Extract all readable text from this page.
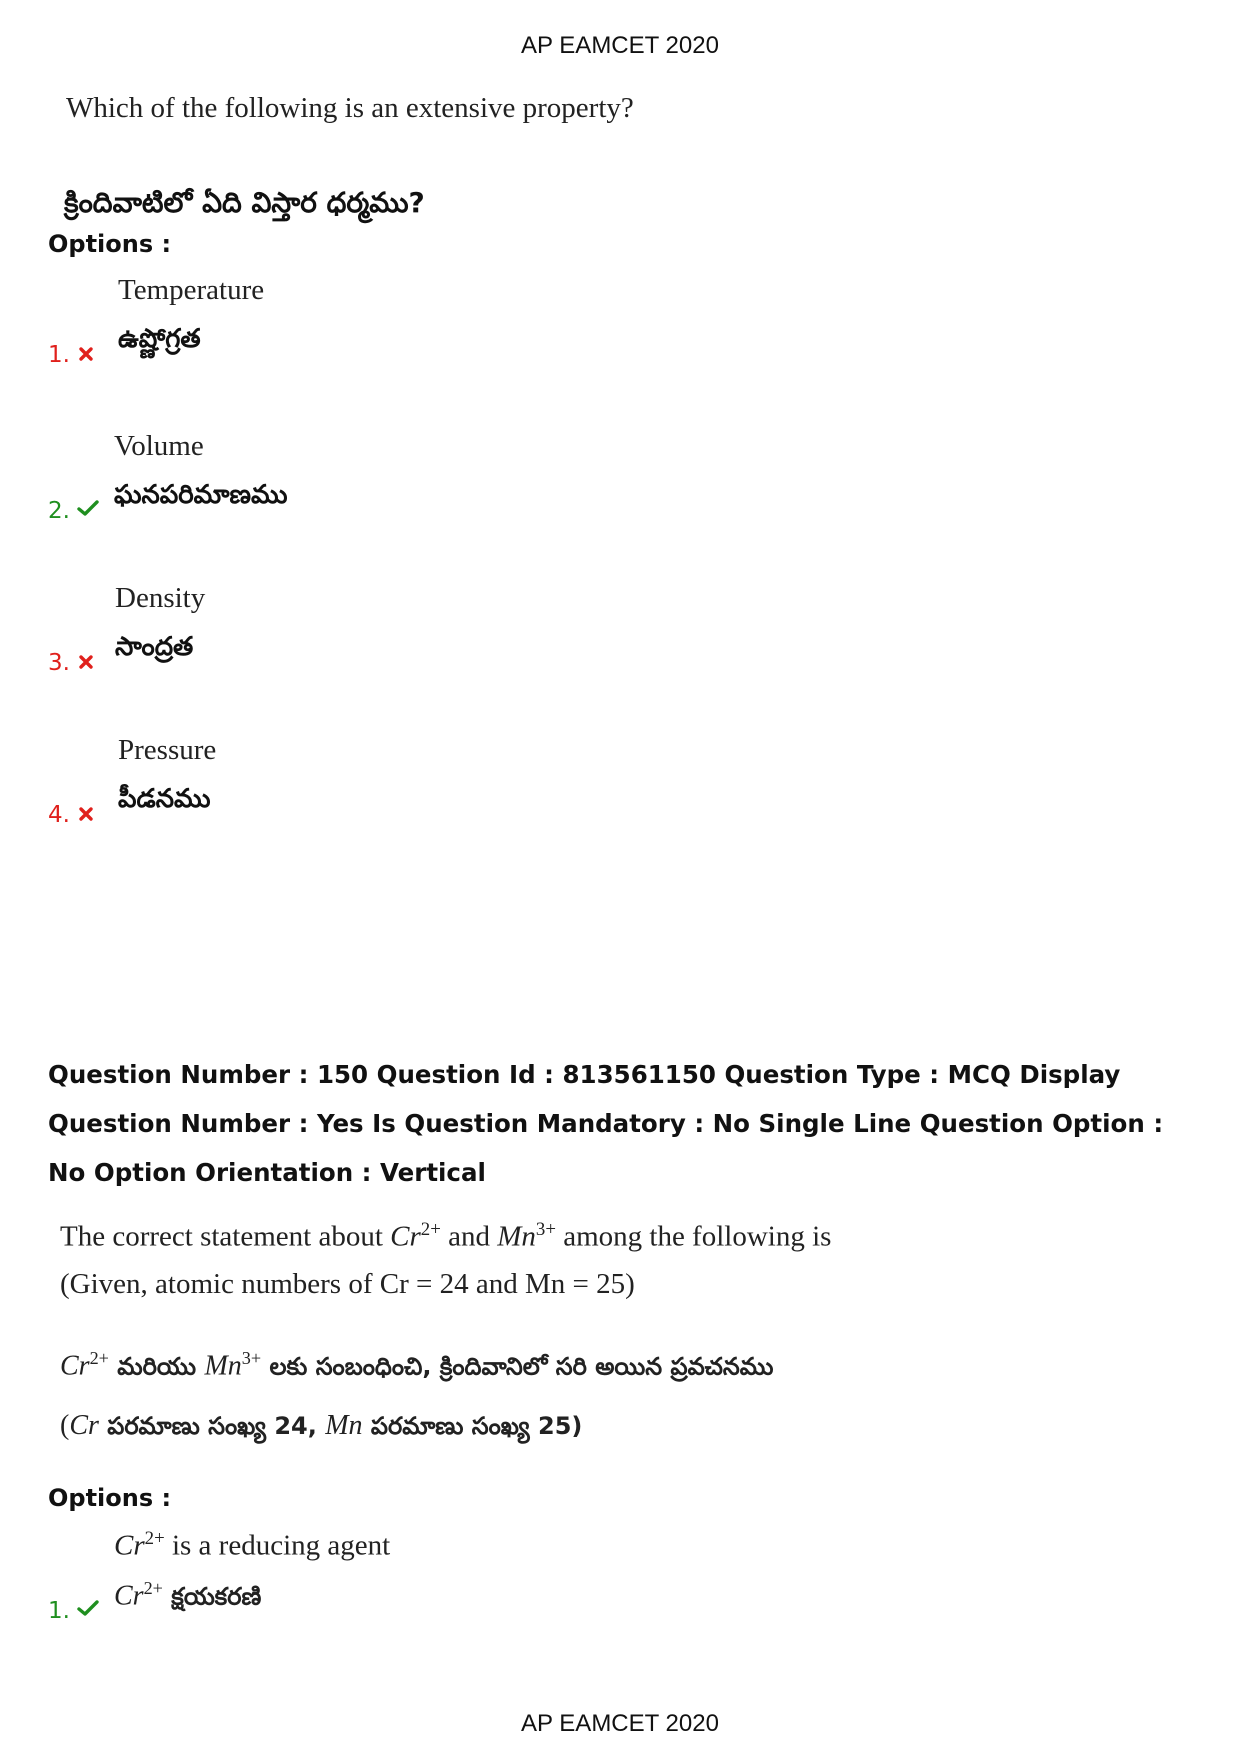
AP EAMCET 2020
Which of the following is an extensive property?
క్రిందివాటిలో ఏది విస్తార ధర్మము?
Options :
1.
Temperature
ఉష్ణోగ్రత
2.
Volume
ఘనపరిమాణము
3.
Density
సాంద్రత
4.
Pressure
పీడనము
Question Number : 150 Question Id : 813561150 Question Type : MCQ Display Question Number : Yes Is Question Mandatory : No Single Line Question Option : No Option Orientation : Vertical
The correct statement about $Cr^{2+}$ and $Mn^{3+}$ among the following is
(Given, atomic numbers of Cr = 24 and Mn = 25)
$Cr^{2+}$ మరియు $Mn^{3+}$ లకు సంబంధించి, క్రిందివానిలో సరి అయిన ప్రవచనము
(Cr పరమాణు సంఖ్య 24, Mn పరమాణు సంఖ్య 25)
Options :
1.
$Cr^{2+}$ is a reducing agent
$Cr^{2+}$ క్షయకరణి
AP EAMCET 2020
